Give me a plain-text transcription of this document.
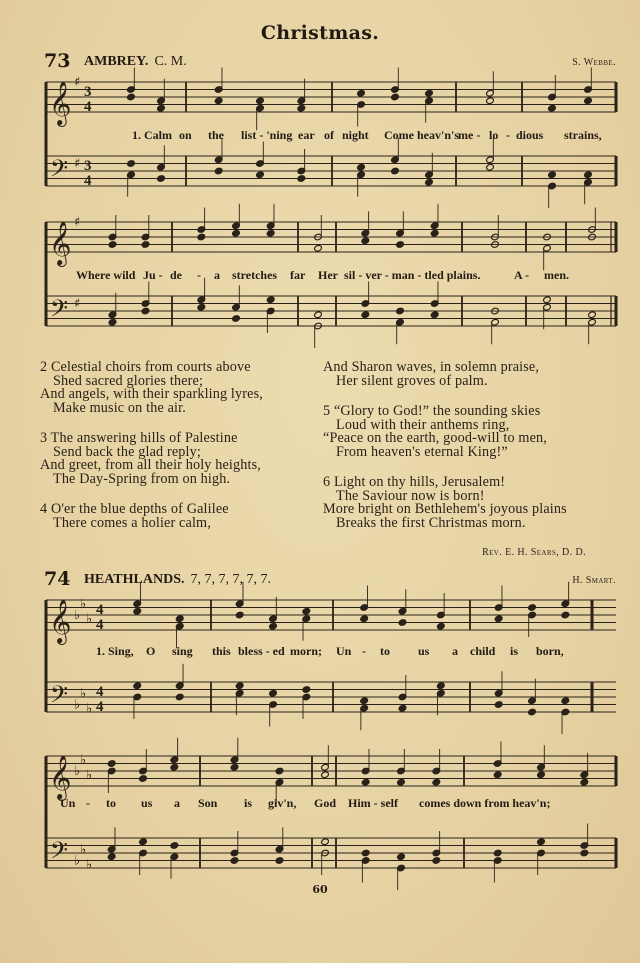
Christmas.
73 AMBREY. C. M.	S. Webbe.
𝄞
𝄢
♯
♯
3
4
3
4
1. Calm on the list - 'ning ear of night Come heav'n's me - lo - dious strains,
𝄞
𝄢
♯
♯
Where wild Ju - de - a stretches far Her sil - ver - man - tled plains.	A - men.
2 Celestial choirs from courts above
Shed sacred glories there;
And angels, with their sparkling lyres,
Make music on the air.
3 The answering hills of Palestine
Send back the glad reply;
And greet, from all their holy heights,
The Day-Spring from on high.
4 O'er the blue depths of Galilee
There comes a holier calm,
And Sharon waves, in solemn praise,
Her silent groves of palm.
5 “Glory to God!” the sounding skies
Loud with their anthems ring,
“Peace on the earth, good-will to men,
From heaven's eternal King!”
6 Light on thy hills, Jerusalem!
The Saviour now is born!
More bright on Bethlehem's joyous plains
Breaks the first Christmas morn.
Rev. E. H. Sears, D. D.
74 HEATHLANDS. 7, 7, 7, 7, 7, 7.	H. Smart.
𝄞
𝄢
♭
♭
♭
♭
♭
♭
4
4
4
4
1. Sing, O sing this bless - ed morn; Un - to us a child is born,
𝄞
𝄢
♭
♭
♭
♭
♭
♭
Un - to us a Son is giv'n, God Him - self comes down from heav'n;
60
